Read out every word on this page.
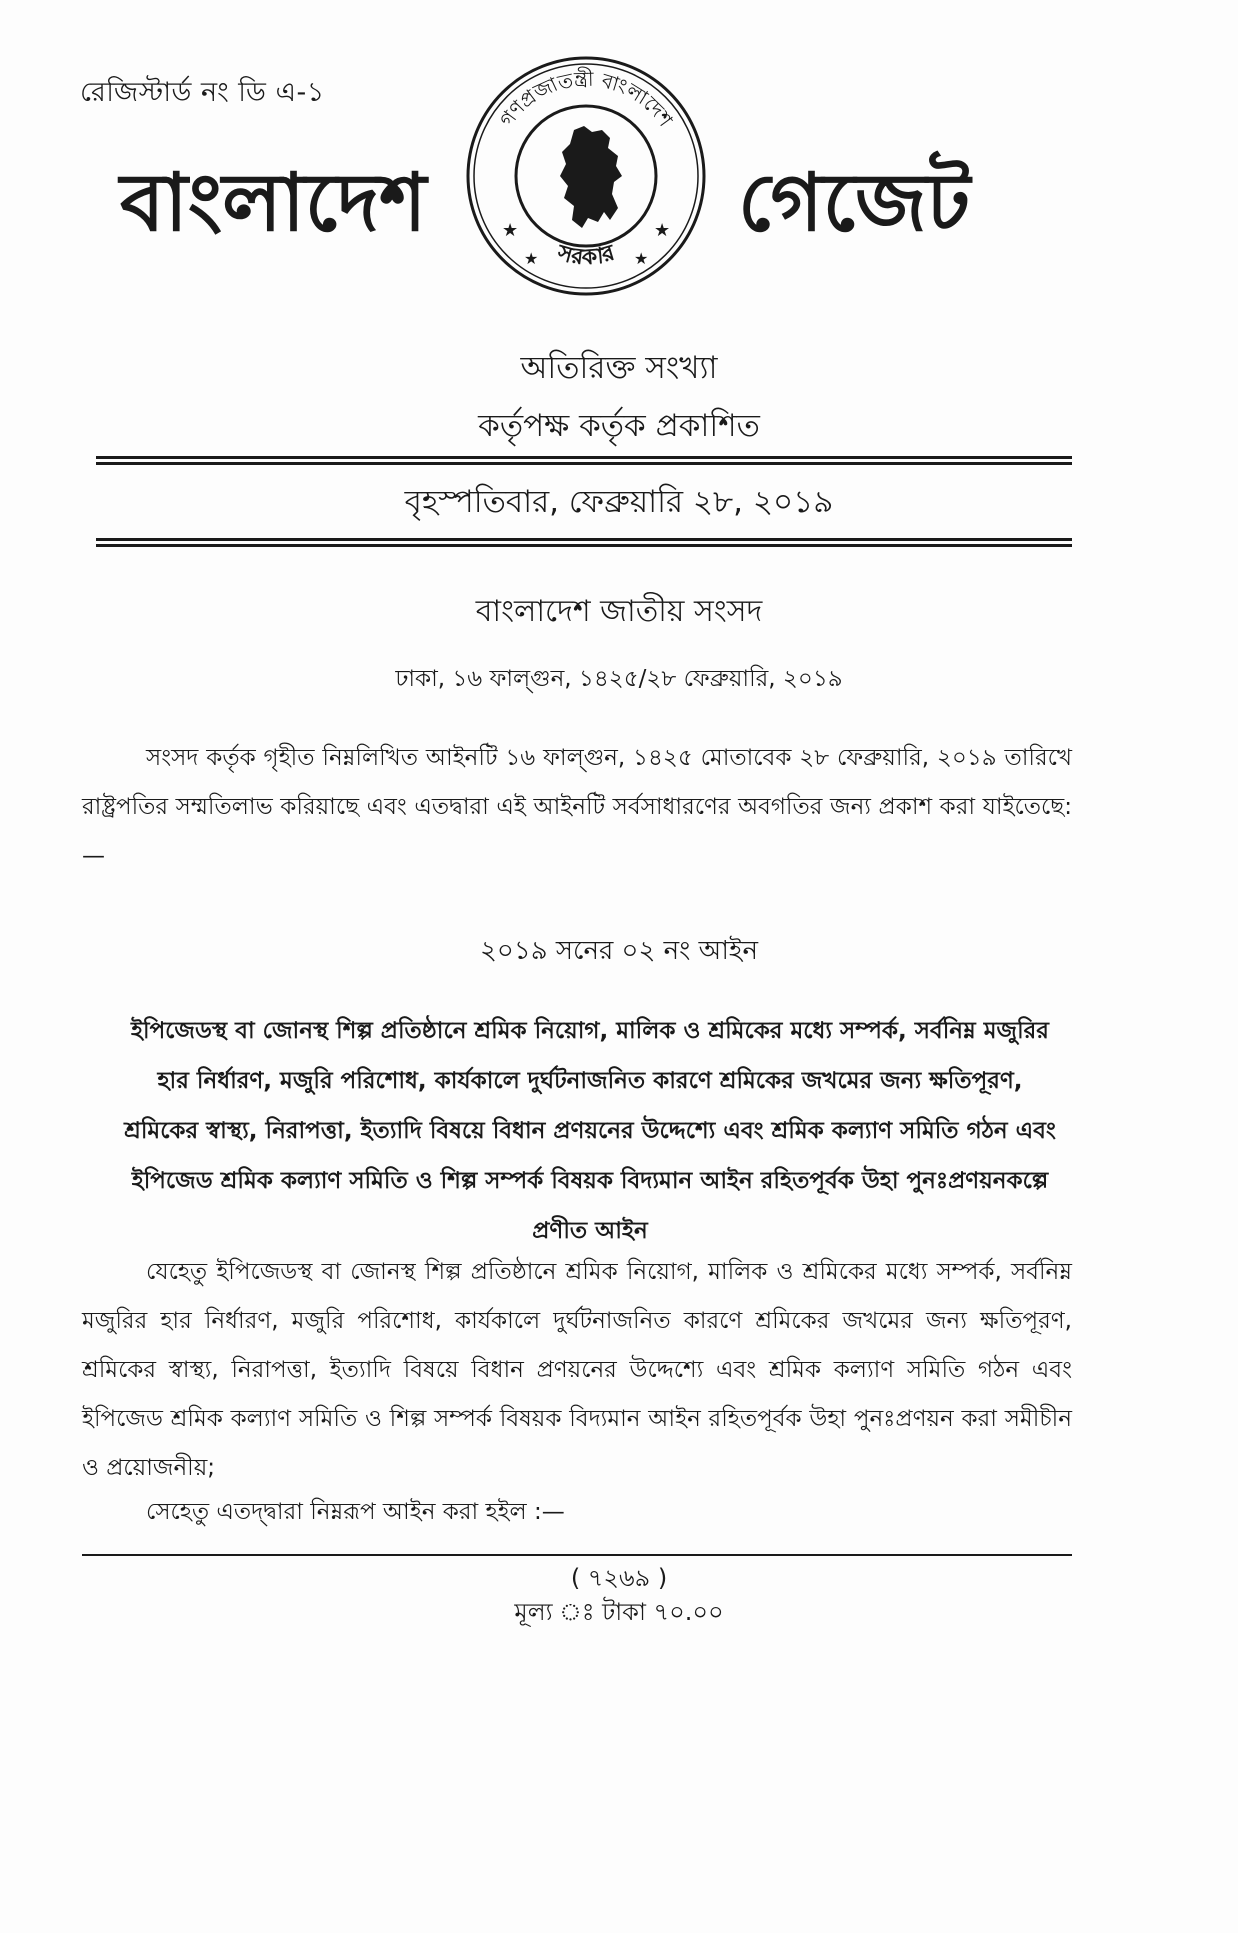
রেজিস্টার্ড নং ডি এ-১
বাংলাদেশ
গণপ্রজাতন্ত্রী বাংলাদেশ
সরকার
★	★
★	★
গেজেট
অতিরিক্ত সংখ্যা
কর্তৃপক্ষ কর্তৃক প্রকাশিত
বৃহস্পতিবার, ফেব্রুয়ারি ২৮, ২০১৯
বাংলাদেশ জাতীয় সংসদ
ঢাকা, ১৬ ফাল্গুন, ১৪২৫/২৮ ফেব্রুয়ারি, ২০১৯
সংসদ কর্তৃক গৃহীত নিম্নলিখিত আইনটি ১৬ ফাল্গুন, ১৪২৫ মোতাবেক ২৮ ফেব্রুয়ারি, ২০১৯ তারিখে রাষ্ট্রপতির সম্মতিলাভ করিয়াছে এবং এতদ্বারা এই আইনটি সর্বসাধারণের অবগতির জন্য প্রকাশ করা যাইতেছে:—
২০১৯ সনের ০২ নং আইন
ইপিজেডস্থ বা জোনস্থ শিল্প প্রতিষ্ঠানে শ্রমিক নিয়োগ, মালিক ও শ্রমিকের মধ্যে সম্পর্ক, সর্বনিম্ন মজুরির হার নির্ধারণ, মজুরি পরিশোধ, কার্যকালে দুর্ঘটনাজনিত কারণে শ্রমিকের জখমের জন্য ক্ষতিপূরণ, শ্রমিকের স্বাস্থ্য, নিরাপত্তা, ইত্যাদি বিষয়ে বিধান প্রণয়নের উদ্দেশ্যে এবং শ্রমিক কল্যাণ সমিতি গঠন এবং ইপিজেড শ্রমিক কল্যাণ সমিতি ও শিল্প সম্পর্ক বিষয়ক বিদ্যমান আইন রহিতপূর্বক উহা পুনঃপ্রণয়নকল্পে প্রণীত আইন
যেহেতু ইপিজেডস্থ বা জোনস্থ শিল্প প্রতিষ্ঠানে শ্রমিক নিয়োগ, মালিক ও শ্রমিকের মধ্যে সম্পর্ক, সর্বনিম্ন মজুরির হার নির্ধারণ, মজুরি পরিশোধ, কার্যকালে দুর্ঘটনাজনিত কারণে শ্রমিকের জখমের জন্য ক্ষতিপূরণ, শ্রমিকের স্বাস্থ্য, নিরাপত্তা, ইত্যাদি বিষয়ে বিধান প্রণয়নের উদ্দেশ্যে এবং শ্রমিক কল্যাণ সমিতি গঠন এবং ইপিজেড শ্রমিক কল্যাণ সমিতি ও শিল্প সম্পর্ক বিষয়ক বিদ্যমান আইন রহিতপূর্বক উহা পুনঃপ্রণয়ন করা সমীচীন ও প্রয়োজনীয়;
সেহেতু এতদ্দ্বারা নিম্নরূপ আইন করা হইল :—
( ৭২৬৯ )
মূল্য ঃ টাকা ৭০.০০
